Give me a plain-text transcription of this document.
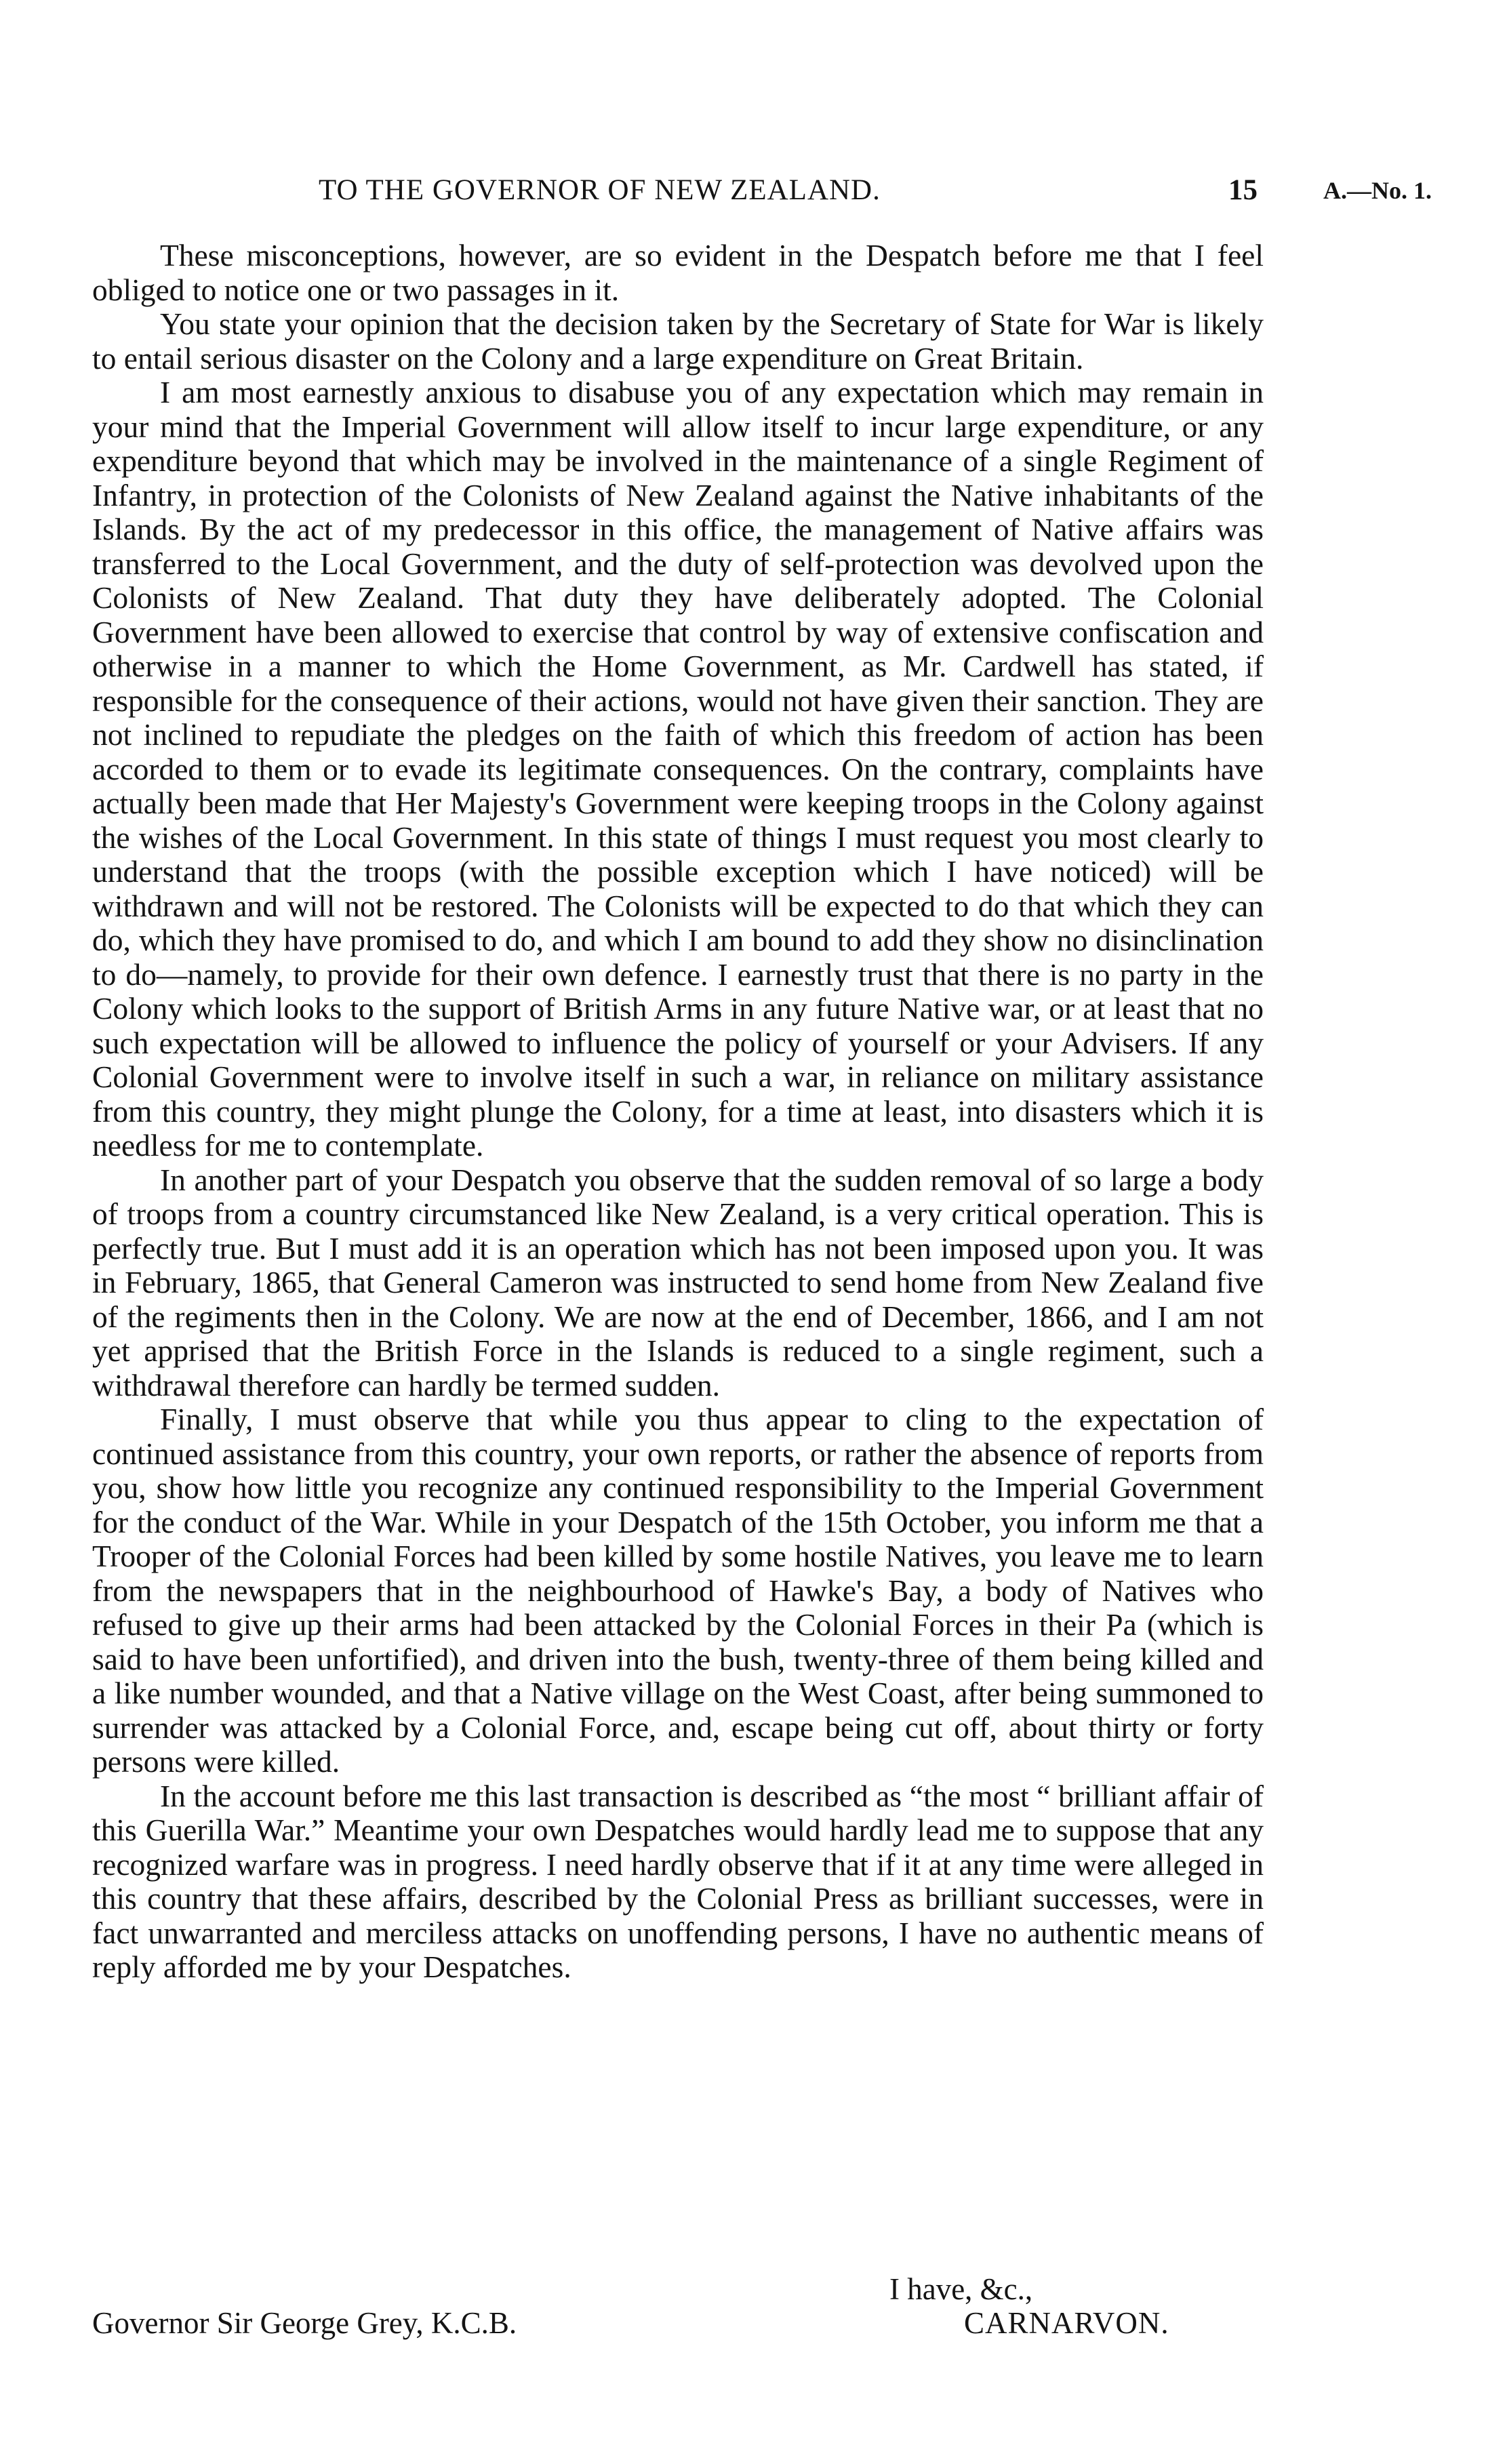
TO THE GOVERNOR OF NEW ZEALAND.	15	A.—No. 1.

These misconceptions, however, are so evident in the Despatch before me that I feel obliged to notice one or two passages in it.

You state your opinion that the decision taken by the Secretary of State for War is likely to entail serious disaster on the Colony and a large expenditure on Great Britain.

I am most earnestly anxious to disabuse you of any expectation which may remain in your mind that the Imperial Government will allow itself to incur large expenditure, or any expenditure beyond that which may be involved in the maintenance of a single Regiment of Infantry, in protection of the Colonists of New Zealand against the Native inhabitants of the Islands. By the act of my predecessor in this office, the management of Native affairs was transferred to the Local Government, and the duty of self-protection was devolved upon the Colonists of New Zealand. That duty they have deliberately adopted. The Colonial Government have been allowed to exercise that control by way of extensive confiscation and otherwise in a manner to which the Home Government, as Mr. Cardwell has stated, if responsible for the consequence of their actions, would not have given their sanction. They are not inclined to repudiate the pledges on the faith of which this freedom of action has been accorded to them or to evade its legitimate consequences. On the contrary, complaints have actually been made that Her Majesty's Government were keeping troops in the Colony against the wishes of the Local Government. In this state of things I must request you most clearly to understand that the troops (with the possible exception which I have noticed) will be withdrawn and will not be restored. The Colonists will be expected to do that which they can do, which they have promised to do, and which I am bound to add they show no disinclination to do—namely, to provide for their own defence. I earnestly trust that there is no party in the Colony which looks to the support of British Arms in any future Native war, or at least that no such expectation will be allowed to influence the policy of yourself or your Advisers. If any Colonial Government were to involve itself in such a war, in reliance on military assistance from this country, they might plunge the Colony, for a time at least, into disasters which it is needless for me to contemplate.

In another part of your Despatch you observe that the sudden removal of so large a body of troops from a country circumstanced like New Zealand, is a very critical operation. This is perfectly true. But I must add it is an operation which has not been imposed upon you. It was in February, 1865, that General Cameron was instructed to send home from New Zealand five of the regiments then in the Colony. We are now at the end of December, 1866, and I am not yet apprised that the British Force in the Islands is reduced to a single regiment, such a withdrawal therefore can hardly be termed sudden.

Finally, I must observe that while you thus appear to cling to the expectation of continued assistance from this country, your own reports, or rather the absence of reports from you, show how little you recognize any continued responsibility to the Imperial Government for the conduct of the War. While in your Despatch of the 15th October, you inform me that a Trooper of the Colonial Forces had been killed by some hostile Natives, you leave me to learn from the newspapers that in the neighbourhood of Hawke's Bay, a body of Natives who refused to give up their arms had been attacked by the Colonial Forces in their Pa (which is said to have been unfortified), and driven into the bush, twenty-three of them being killed and a like number wounded, and that a Native village on the West Coast, after being summoned to surrender was attacked by a Colonial Force, and, escape being cut off, about thirty or forty persons were killed.

In the account before me this last transaction is described as “the most “ brilliant affair of this Guerilla War.” Meantime your own Despatches would hardly lead me to suppose that any recognized warfare was in progress. I need hardly observe that if it at any time were alleged in this country that these affairs, described by the Colonial Press as brilliant successes, were in fact unwarranted and merciless attacks on unoffending persons, I have no authentic means of reply afforded me by your Despatches.

I have, &c.,
CARNARVON.
Governor Sir George Grey, K.C.B.
